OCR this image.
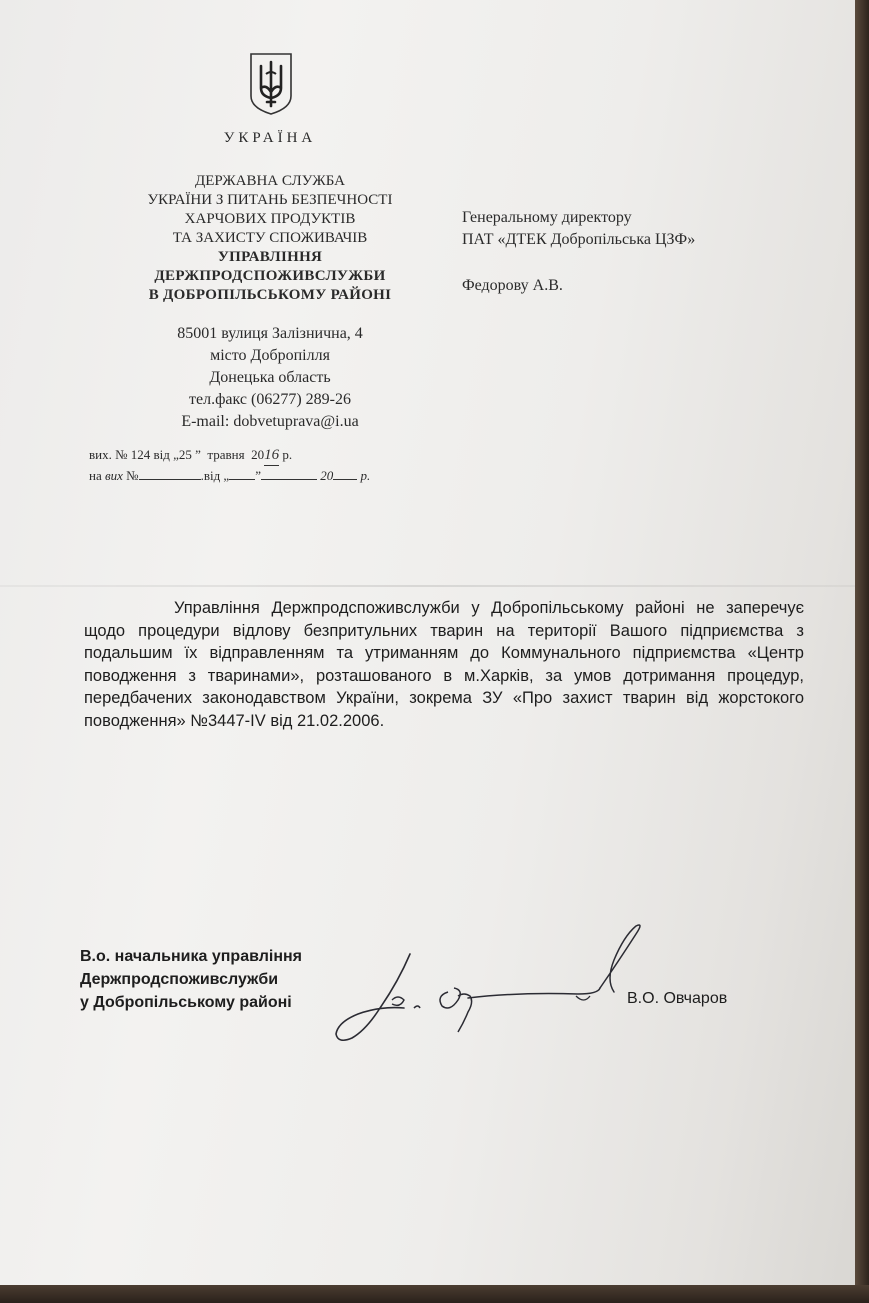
УКРАЇНА
ДЕРЖАВНА СЛУЖБА
УКРАЇНИ З ПИТАНЬ БЕЗПЕЧНОСТІ
ХАРЧОВИХ ПРОДУКТІВ
ТА ЗАХИСТУ СПОЖИВАЧІВ
УПРАВЛІННЯ
ДЕРЖПРОДСПОЖИВСЛУЖБИ
В ДОБРОПІЛЬСЬКОМУ РАЙОНІ
85001 вулиця Залізнична, 4
місто Добропілля
Донецька область
тел.факс (06277) 289-26
E-mail: dobvetuprava@i.ua
Генеральному директору
ПАТ «ДТЕК Добропільська ЦЗФ»
Федорову А.В.
вих. № 124 від „25 ” травня 2016 р.
на вих №	.від „ ”	20 р.
Управління Держпродспоживслужби у Добропільському районі не заперечує щодо процедури відлову безпритульних тварин на території Вашого підприємства з подальшим їх відправленням та утриманням до Коммунального підприємства «Центр поводження з тваринами», розташованого в м.Харків, за умов дотримання процедур, передбачених законодавством України, зокрема ЗУ «Про захист тварин від жорстокого поводження» №3447-IV від 21.02.2006.
В.о. начальника управління
Держпродспоживслужби
у Добропільському районі	В.О. Овчаров
